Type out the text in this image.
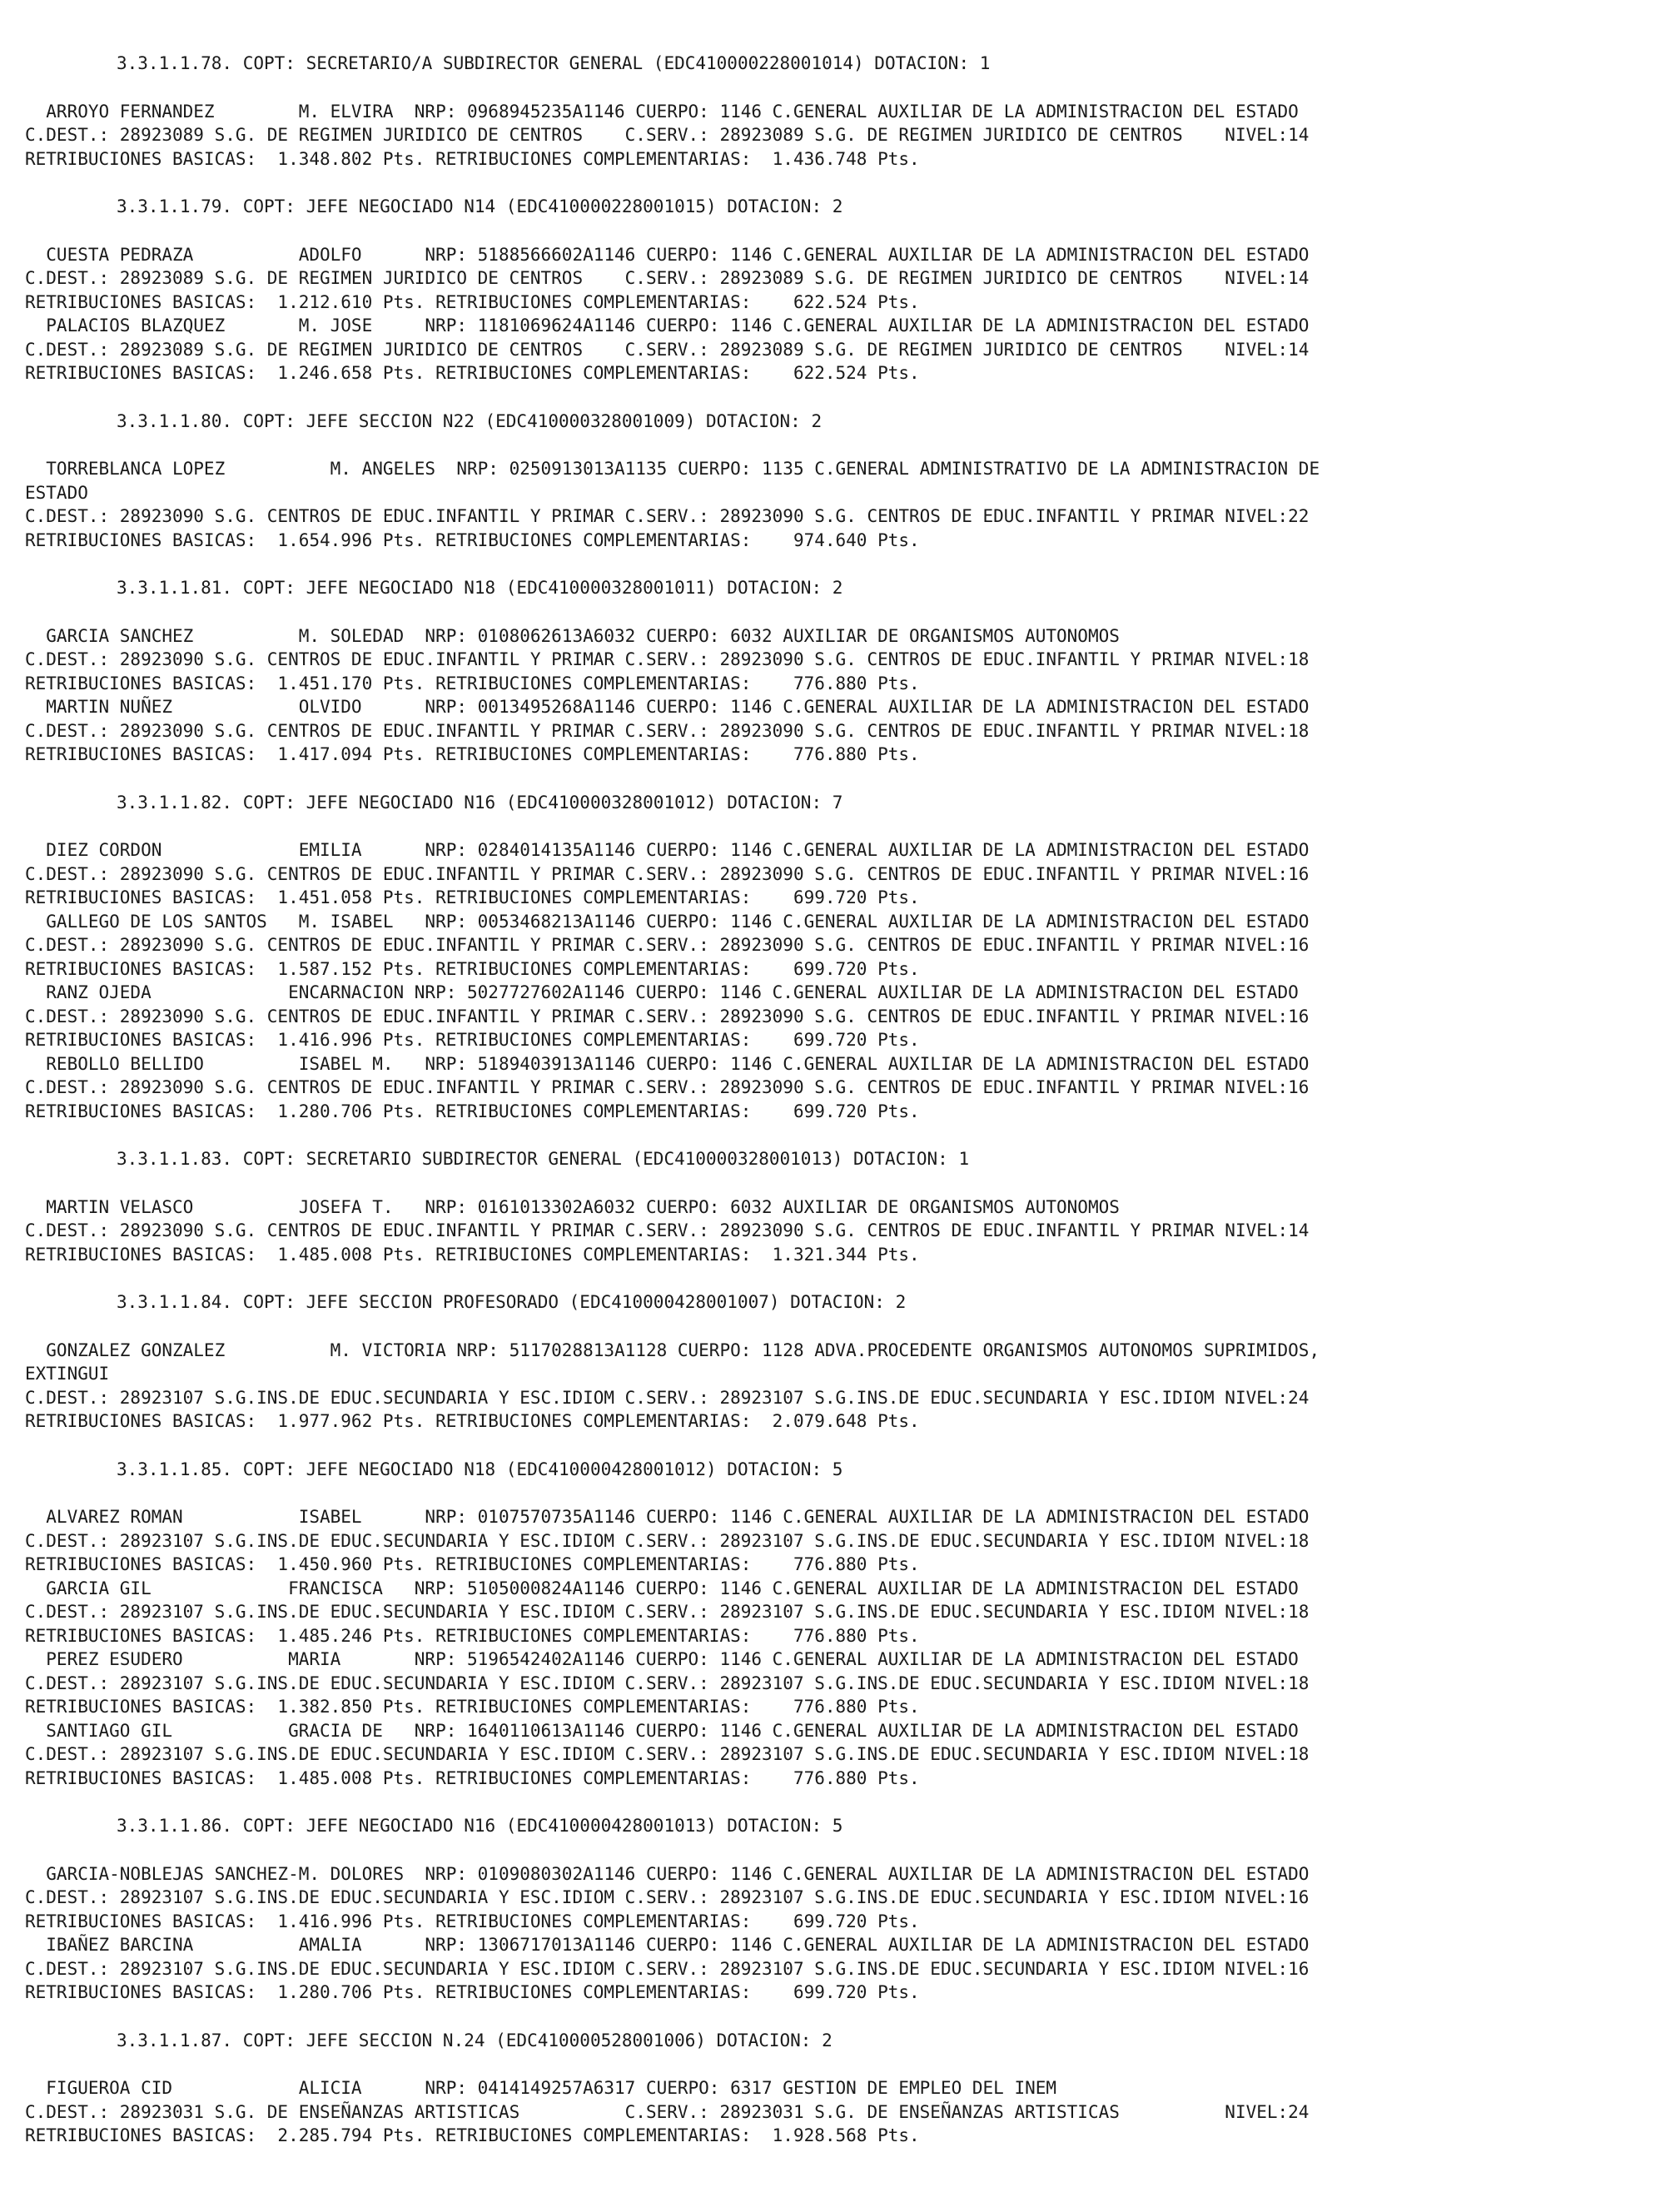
3.3.1.1.78. COPT: SECRETARIO/A SUBDIRECTOR GENERAL (EDC410000228001014) DOTACION: 1
ARROYO FERNANDEZ        M. ELVIRA  NRP: 0968945235A1146 CUERPO: 1146 C.GENERAL AUXILIAR DE LA ADMINISTRACION DEL ESTADO
C.DEST.: 28923089 S.G. DE REGIMEN JURIDICO DE CENTROS    C.SERV.: 28923089 S.G. DE REGIMEN JURIDICO DE CENTROS    NIVEL:14
RETRIBUCIONES BASICAS:  1.348.802 Pts. RETRIBUCIONES COMPLEMENTARIAS:  1.436.748 Pts.
3.3.1.1.79. COPT: JEFE NEGOCIADO N14 (EDC410000228001015) DOTACION: 2
CUESTA PEDRAZA          ADOLFO      NRP: 5188566602A1146 CUERPO: 1146 C.GENERAL AUXILIAR DE LA ADMINISTRACION DEL ESTADO
C.DEST.: 28923089 S.G. DE REGIMEN JURIDICO DE CENTROS    C.SERV.: 28923089 S.G. DE REGIMEN JURIDICO DE CENTROS    NIVEL:14
RETRIBUCIONES BASICAS:  1.212.610 Pts. RETRIBUCIONES COMPLEMENTARIAS:    622.524 Pts.
PALACIOS BLAZQUEZ       M. JOSE     NRP: 1181069624A1146 CUERPO: 1146 C.GENERAL AUXILIAR DE LA ADMINISTRACION DEL ESTADO
C.DEST.: 28923089 S.G. DE REGIMEN JURIDICO DE CENTROS    C.SERV.: 28923089 S.G. DE REGIMEN JURIDICO DE CENTROS    NIVEL:14
RETRIBUCIONES BASICAS:  1.246.658 Pts. RETRIBUCIONES COMPLEMENTARIAS:    622.524 Pts.
3.3.1.1.80. COPT: JEFE SECCION N22 (EDC410000328001009) DOTACION: 2
TORREBLANCA LOPEZ          M. ANGELES  NRP: 0250913013A1135 CUERPO: 1135 C.GENERAL ADMINISTRATIVO DE LA ADMINISTRACION DE
ESTADO
C.DEST.: 28923090 S.G. CENTROS DE EDUC.INFANTIL Y PRIMAR C.SERV.: 28923090 S.G. CENTROS DE EDUC.INFANTIL Y PRIMAR NIVEL:22
RETRIBUCIONES BASICAS:  1.654.996 Pts. RETRIBUCIONES COMPLEMENTARIAS:    974.640 Pts.
3.3.1.1.81. COPT: JEFE NEGOCIADO N18 (EDC410000328001011) DOTACION: 2
GARCIA SANCHEZ          M. SOLEDAD  NRP: 0108062613A6032 CUERPO: 6032 AUXILIAR DE ORGANISMOS AUTONOMOS
C.DEST.: 28923090 S.G. CENTROS DE EDUC.INFANTIL Y PRIMAR C.SERV.: 28923090 S.G. CENTROS DE EDUC.INFANTIL Y PRIMAR NIVEL:18
RETRIBUCIONES BASICAS:  1.451.170 Pts. RETRIBUCIONES COMPLEMENTARIAS:    776.880 Pts.
MARTIN NUÑEZ            OLVIDO      NRP: 0013495268A1146 CUERPO: 1146 C.GENERAL AUXILIAR DE LA ADMINISTRACION DEL ESTADO
C.DEST.: 28923090 S.G. CENTROS DE EDUC.INFANTIL Y PRIMAR C.SERV.: 28923090 S.G. CENTROS DE EDUC.INFANTIL Y PRIMAR NIVEL:18
RETRIBUCIONES BASICAS:  1.417.094 Pts. RETRIBUCIONES COMPLEMENTARIAS:    776.880 Pts.
3.3.1.1.82. COPT: JEFE NEGOCIADO N16 (EDC410000328001012) DOTACION: 7
DIEZ CORDON             EMILIA      NRP: 0284014135A1146 CUERPO: 1146 C.GENERAL AUXILIAR DE LA ADMINISTRACION DEL ESTADO
C.DEST.: 28923090 S.G. CENTROS DE EDUC.INFANTIL Y PRIMAR C.SERV.: 28923090 S.G. CENTROS DE EDUC.INFANTIL Y PRIMAR NIVEL:16
RETRIBUCIONES BASICAS:  1.451.058 Pts. RETRIBUCIONES COMPLEMENTARIAS:    699.720 Pts.
GALLEGO DE LOS SANTOS   M. ISABEL   NRP: 0053468213A1146 CUERPO: 1146 C.GENERAL AUXILIAR DE LA ADMINISTRACION DEL ESTADO
C.DEST.: 28923090 S.G. CENTROS DE EDUC.INFANTIL Y PRIMAR C.SERV.: 28923090 S.G. CENTROS DE EDUC.INFANTIL Y PRIMAR NIVEL:16
RETRIBUCIONES BASICAS:  1.587.152 Pts. RETRIBUCIONES COMPLEMENTARIAS:    699.720 Pts.
RANZ OJEDA             ENCARNACION NRP: 5027727602A1146 CUERPO: 1146 C.GENERAL AUXILIAR DE LA ADMINISTRACION DEL ESTADO
C.DEST.: 28923090 S.G. CENTROS DE EDUC.INFANTIL Y PRIMAR C.SERV.: 28923090 S.G. CENTROS DE EDUC.INFANTIL Y PRIMAR NIVEL:16
RETRIBUCIONES BASICAS:  1.416.996 Pts. RETRIBUCIONES COMPLEMENTARIAS:    699.720 Pts.
REBOLLO BELLIDO         ISABEL M.   NRP: 5189403913A1146 CUERPO: 1146 C.GENERAL AUXILIAR DE LA ADMINISTRACION DEL ESTADO
C.DEST.: 28923090 S.G. CENTROS DE EDUC.INFANTIL Y PRIMAR C.SERV.: 28923090 S.G. CENTROS DE EDUC.INFANTIL Y PRIMAR NIVEL:16
RETRIBUCIONES BASICAS:  1.280.706 Pts. RETRIBUCIONES COMPLEMENTARIAS:    699.720 Pts.
3.3.1.1.83. COPT: SECRETARIO SUBDIRECTOR GENERAL (EDC410000328001013) DOTACION: 1
MARTIN VELASCO          JOSEFA T.   NRP: 0161013302A6032 CUERPO: 6032 AUXILIAR DE ORGANISMOS AUTONOMOS
C.DEST.: 28923090 S.G. CENTROS DE EDUC.INFANTIL Y PRIMAR C.SERV.: 28923090 S.G. CENTROS DE EDUC.INFANTIL Y PRIMAR NIVEL:14
RETRIBUCIONES BASICAS:  1.485.008 Pts. RETRIBUCIONES COMPLEMENTARIAS:  1.321.344 Pts.
3.3.1.1.84. COPT: JEFE SECCION PROFESORADO (EDC410000428001007) DOTACION: 2
GONZALEZ GONZALEZ          M. VICTORIA NRP: 5117028813A1128 CUERPO: 1128 ADVA.PROCEDENTE ORGANISMOS AUTONOMOS SUPRIMIDOS,
EXTINGUI
C.DEST.: 28923107 S.G.INS.DE EDUC.SECUNDARIA Y ESC.IDIOM C.SERV.: 28923107 S.G.INS.DE EDUC.SECUNDARIA Y ESC.IDIOM NIVEL:24
RETRIBUCIONES BASICAS:  1.977.962 Pts. RETRIBUCIONES COMPLEMENTARIAS:  2.079.648 Pts.
3.3.1.1.85. COPT: JEFE NEGOCIADO N18 (EDC410000428001012) DOTACION: 5
ALVAREZ ROMAN           ISABEL      NRP: 0107570735A1146 CUERPO: 1146 C.GENERAL AUXILIAR DE LA ADMINISTRACION DEL ESTADO
C.DEST.: 28923107 S.G.INS.DE EDUC.SECUNDARIA Y ESC.IDIOM C.SERV.: 28923107 S.G.INS.DE EDUC.SECUNDARIA Y ESC.IDIOM NIVEL:18
RETRIBUCIONES BASICAS:  1.450.960 Pts. RETRIBUCIONES COMPLEMENTARIAS:    776.880 Pts.
GARCIA GIL             FRANCISCA   NRP: 5105000824A1146 CUERPO: 1146 C.GENERAL AUXILIAR DE LA ADMINISTRACION DEL ESTADO
C.DEST.: 28923107 S.G.INS.DE EDUC.SECUNDARIA Y ESC.IDIOM C.SERV.: 28923107 S.G.INS.DE EDUC.SECUNDARIA Y ESC.IDIOM NIVEL:18
RETRIBUCIONES BASICAS:  1.485.246 Pts. RETRIBUCIONES COMPLEMENTARIAS:    776.880 Pts.
PEREZ ESUDERO          MARIA       NRP: 5196542402A1146 CUERPO: 1146 C.GENERAL AUXILIAR DE LA ADMINISTRACION DEL ESTADO
C.DEST.: 28923107 S.G.INS.DE EDUC.SECUNDARIA Y ESC.IDIOM C.SERV.: 28923107 S.G.INS.DE EDUC.SECUNDARIA Y ESC.IDIOM NIVEL:18
RETRIBUCIONES BASICAS:  1.382.850 Pts. RETRIBUCIONES COMPLEMENTARIAS:    776.880 Pts.
SANTIAGO GIL           GRACIA DE   NRP: 1640110613A1146 CUERPO: 1146 C.GENERAL AUXILIAR DE LA ADMINISTRACION DEL ESTADO
C.DEST.: 28923107 S.G.INS.DE EDUC.SECUNDARIA Y ESC.IDIOM C.SERV.: 28923107 S.G.INS.DE EDUC.SECUNDARIA Y ESC.IDIOM NIVEL:18
RETRIBUCIONES BASICAS:  1.485.008 Pts. RETRIBUCIONES COMPLEMENTARIAS:    776.880 Pts.
3.3.1.1.86. COPT: JEFE NEGOCIADO N16 (EDC410000428001013) DOTACION: 5
GARCIA-NOBLEJAS SANCHEZ-M. DOLORES  NRP: 0109080302A1146 CUERPO: 1146 C.GENERAL AUXILIAR DE LA ADMINISTRACION DEL ESTADO
C.DEST.: 28923107 S.G.INS.DE EDUC.SECUNDARIA Y ESC.IDIOM C.SERV.: 28923107 S.G.INS.DE EDUC.SECUNDARIA Y ESC.IDIOM NIVEL:16
RETRIBUCIONES BASICAS:  1.416.996 Pts. RETRIBUCIONES COMPLEMENTARIAS:    699.720 Pts.
IBAÑEZ BARCINA          AMALIA      NRP: 1306717013A1146 CUERPO: 1146 C.GENERAL AUXILIAR DE LA ADMINISTRACION DEL ESTADO
C.DEST.: 28923107 S.G.INS.DE EDUC.SECUNDARIA Y ESC.IDIOM C.SERV.: 28923107 S.G.INS.DE EDUC.SECUNDARIA Y ESC.IDIOM NIVEL:16
RETRIBUCIONES BASICAS:  1.280.706 Pts. RETRIBUCIONES COMPLEMENTARIAS:    699.720 Pts.
3.3.1.1.87. COPT: JEFE SECCION N.24 (EDC410000528001006) DOTACION: 2
FIGUEROA CID            ALICIA      NRP: 0414149257A6317 CUERPO: 6317 GESTION DE EMPLEO DEL INEM
C.DEST.: 28923031 S.G. DE ENSEÑANZAS ARTISTICAS          C.SERV.: 28923031 S.G. DE ENSEÑANZAS ARTISTICAS          NIVEL:24
RETRIBUCIONES BASICAS:  2.285.794 Pts. RETRIBUCIONES COMPLEMENTARIAS:  1.928.568 Pts.
